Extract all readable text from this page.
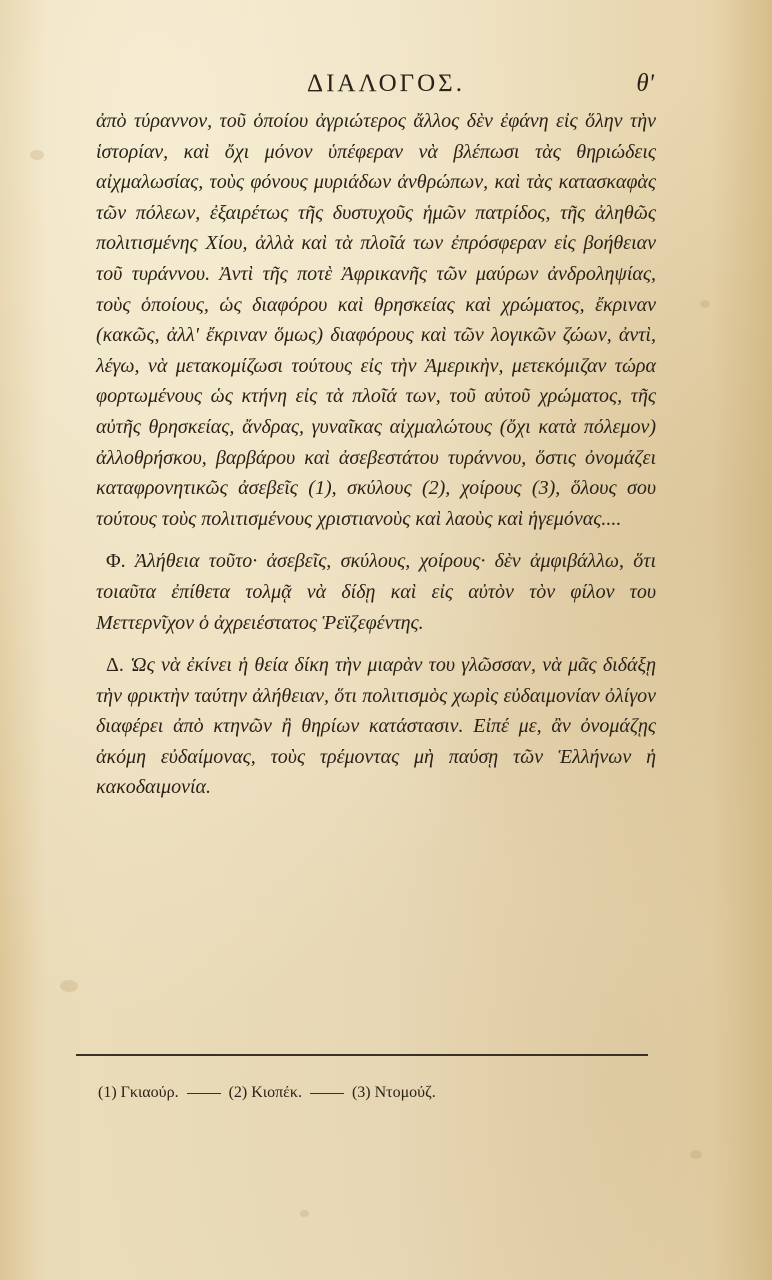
ΔΙΑΛΟΓΟΣ.	θ'

ἀπὸ τύραννον, τοῦ ὁποίου ἀγριώτερος ἄλλος δὲν ἐφάνη εἰς ὅλην τὴν ἱστορίαν, καὶ ὄχι μόνον ὑπέφεραν νὰ βλέπωσι τὰς θηριώδεις αἰχμαλωσίας, τοὺς φόνους μυριάδων ἀνθρώπων, καὶ τὰς κατασκαφὰς τῶν πόλεων, ἐξαιρέτως τῆς δυστυχοῦς ἡμῶν πατρίδος, τῆς ἀληθῶς πολιτισμένης Χίου, ἀλλὰ καὶ τὰ πλοῖά των ἐπρόσφεραν εἰς βοήθειαν τοῦ τυράννου. Ἀντὶ τῆς ποτὲ Ἀφρικανῆς τῶν μαύρων ἀνδροληψίας, τοὺς ὁποίους, ὡς διαφόρου καὶ θρησκείας καὶ χρώματος, ἔκριναν (κακῶς, ἀλλ' ἔκριναν ὅμως) διαφόρους καὶ τῶν λογικῶν ζώων, ἀντὶ, λέγω, νὰ μετακομίζωσι τούτους εἰς τὴν Ἀμερικὴν, μετεκόμιζαν τώρα φορτωμένους ὡς κτήνη εἰς τὰ πλοῖά των, τοῦ αὐτοῦ χρώματος, τῆς αὐτῆς θρησκείας, ἄνδρας, γυναῖκας αἰχμαλώτους (ὄχι κατὰ πόλεμον) ἀλλοθρήσκου, βαρβάρου καὶ ἀσεβεστάτου τυράννου, ὅστις ὀνομάζει καταφρονητικῶς ἀσεβεῖς (1), σκύλους (2), χοίρους (3), ὅλους σου τούτους τοὺς πολιτισμένους χριστιανοὺς καὶ λαοὺς καὶ ἡγεμόνας....

Φ. Ἀλήθεια τοῦτο· ἀσεβεῖς, σκύλους, χοίρους· δὲν ἀμφιβάλλω, ὅτι τοιαῦτα ἐπίθετα τολμᾷ νὰ δίδῃ καὶ εἰς αὐτὸν τὸν φίλον του Μεττερνῖχον ὁ ἀχρειέστατος Ῥεϊζεφέντης.

Δ. Ὡς νὰ ἐκίνει ἡ θεία δίκη τὴν μιαρὰν του γλῶσσαν, νὰ μᾶς διδάξῃ τὴν φρικτὴν ταύτην ἀλήθειαν, ὅτι πολιτισμὸς χωρὶς εὐδαιμονίαν ὀλίγον διαφέρει ἀπὸ κτηνῶν ἢ θηρίων κατάστασιν. Εἰπέ με, ἂν ὀνομάζῃς ἀκόμη εὐδαίμονας, τοὺς τρέμοντας μὴ παύσῃ τῶν Ἑλλήνων ἡ κακοδαιμονία.

(1) Γκιαούρ.	(2) Κιοπέκ.	(3) Ντομούζ.
